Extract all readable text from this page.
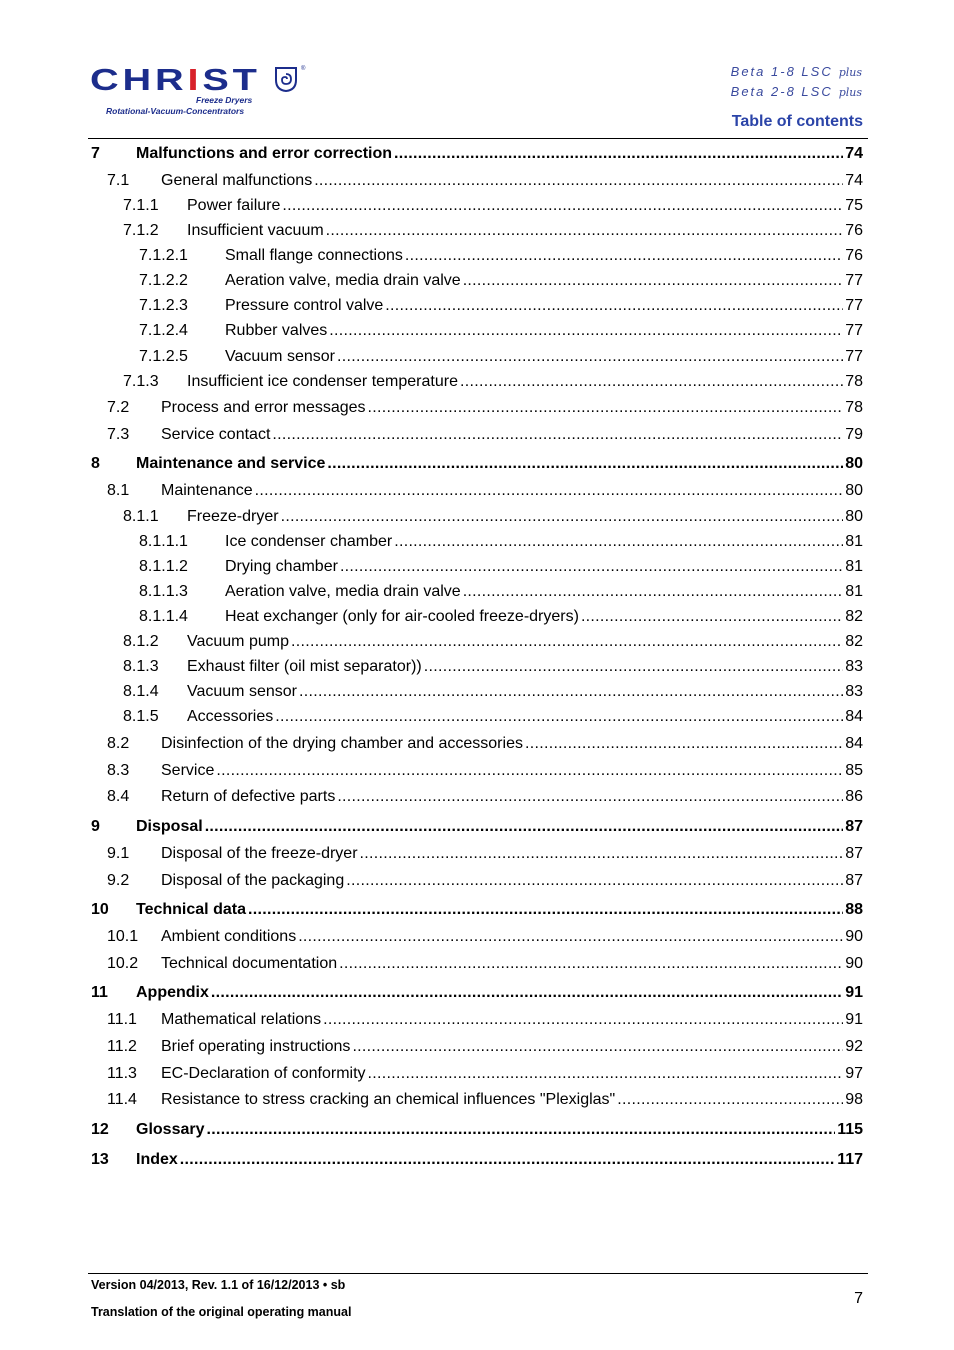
CHRIST	®
Freeze Dryers
Rotational-Vacuum-Concentrators
Beta 1-8 LSC plus
Beta 2-8 LSC plus
Table of contents
7 Malfunctions and error correction .....	74
7.1 General malfunctions .....	74
7.1.1 Power failure .....	75
7.1.2 Insufficient vacuum .....	76
7.1.2.1 Small flange connections .....	76
7.1.2.2 Aeration valve, media drain valve .....	77
7.1.2.3 Pressure control valve .....	77
7.1.2.4 Rubber valves .....	77
7.1.2.5 Vacuum sensor .....	77
7.1.3 Insufficient ice condenser temperature .....	78
7.2 Process and error messages .....	78
7.3 Service contact .....	79
8 Maintenance and service .....	80
8.1 Maintenance .....	80
8.1.1 Freeze-dryer .....	80
8.1.1.1 Ice condenser chamber .....	81
8.1.1.2 Drying chamber .....	81
8.1.1.3 Aeration valve, media drain valve .....	81
8.1.1.4 Heat exchanger (only for air-cooled freeze-dryers) .....	82
8.1.2 Vacuum pump .....	82
8.1.3 Exhaust filter (oil mist separator)) .....	83
8.1.4 Vacuum sensor .....	83
8.1.5 Accessories .....	84
8.2 Disinfection of the drying chamber and accessories .....	84
8.3 Service .....	85
8.4 Return of defective parts .....	86
9 Disposal .....	87
9.1 Disposal of the freeze-dryer .....	87
9.2 Disposal of the packaging .....	87
10 Technical data .....	88
10.1 Ambient conditions .....	90
10.2 Technical documentation .....	90
11 Appendix .....	91
11.1 Mathematical relations .....	91
11.2 Brief operating instructions .....	92
11.3 EC-Declaration of conformity .....	97
11.4 Resistance to stress cracking an chemical influences "Plexiglas" .....	98
12 Glossary .....	115
13 Index .....	117
Version 04/2013, Rev. 1.1 of 16/12/2013 • sb
Translation of the original operating manual
7
